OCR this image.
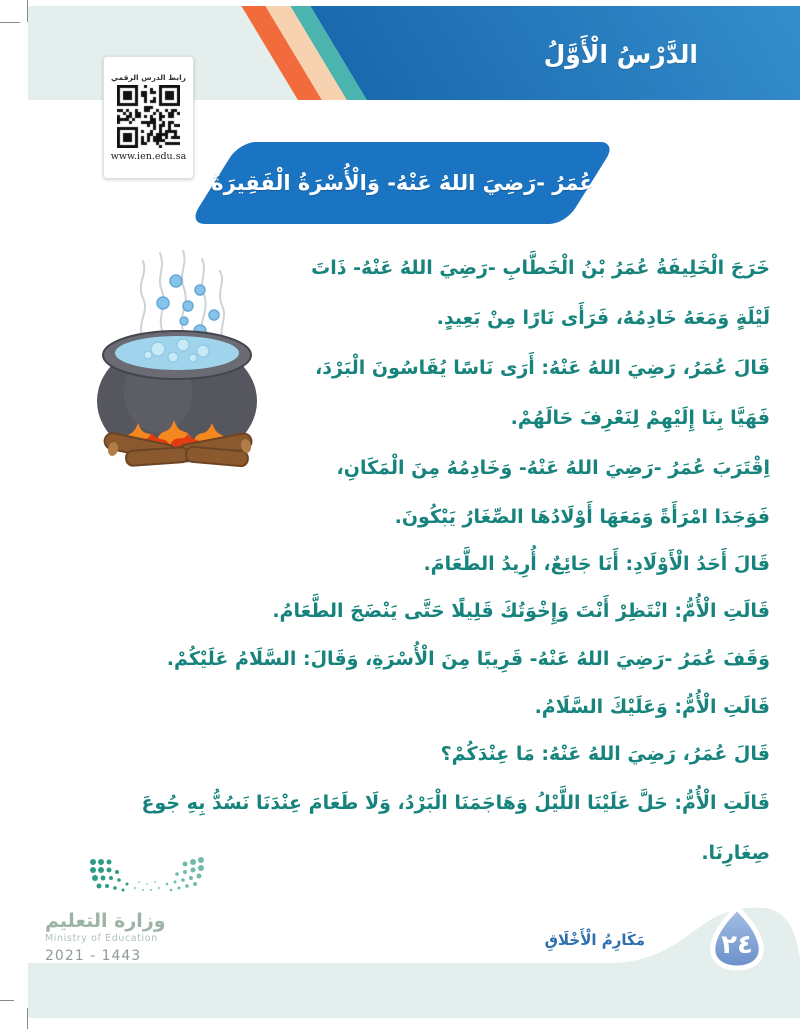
الدَّرْسُ الْأَوَّلُ
رابط الدرس الرقمي
www.ien.edu.sa
عُمَرُ -رَضِيَ اللهُ عَنْهُ- وَالْأُسْرَةُ الْفَقِيرَةُ
خَرَجَ الْخَلِيفَةُ عُمَرُ بْنُ الْخَطَّابِ -رَضِيَ اللهُ عَنْهُ- ذَاتَ
لَيْلَةٍ وَمَعَهُ خَادِمُهُ، فَرَأَى نَارًا مِنْ بَعِيدٍ.
قَالَ عُمَرُ، رَضِيَ اللهُ عَنْهُ: أَرَى نَاسًا يُقَاسُونَ الْبَرْدَ،
فَهَيَّا بِنَا إِلَيْهِمْ لِنَعْرِفَ حَالَهُمْ.
اِقْتَرَبَ عُمَرُ -رَضِيَ اللهُ عَنْهُ- وَخَادِمُهُ مِنَ الْمَكَانِ،
فَوَجَدَا امْرَأَةً وَمَعَهَا أَوْلَادُهَا الصِّغَارُ يَبْكُونَ.
قَالَ أَحَدُ الْأَوْلَادِ: أَنَا جَائِعٌ، أُرِيدُ الطَّعَامَ.
قَالَتِ الْأُمُّ: انْتَظِرْ أَنْتَ وَإِخْوَتُكَ قَلِيلًا حَتَّى يَنْضَجَ الطَّعَامُ.
وَقَفَ عُمَرُ -رَضِيَ اللهُ عَنْهُ- قَرِيبًا مِنَ الْأُسْرَةِ، وَقَالَ: السَّلَامُ عَلَيْكُمْ.
قَالَتِ الْأُمُّ: وَعَلَيْكَ السَّلَامُ.
قَالَ عُمَرُ، رَضِيَ اللهُ عَنْهُ: مَا عِنْدَكُمْ؟
قَالَتِ الْأُمُّ: حَلَّ عَلَيْنَا اللَّيْلُ وَهَاجَمَنَا الْبَرْدُ، وَلَا طَعَامَ عِنْدَنَا نَسُدُّ بِهِ جُوعَ
صِغَارِنَا.
وزارة التعليم
Ministry of Education
2021 - 1443	٢٤
مَكَارِمُ الْأَخْلَاقِ
